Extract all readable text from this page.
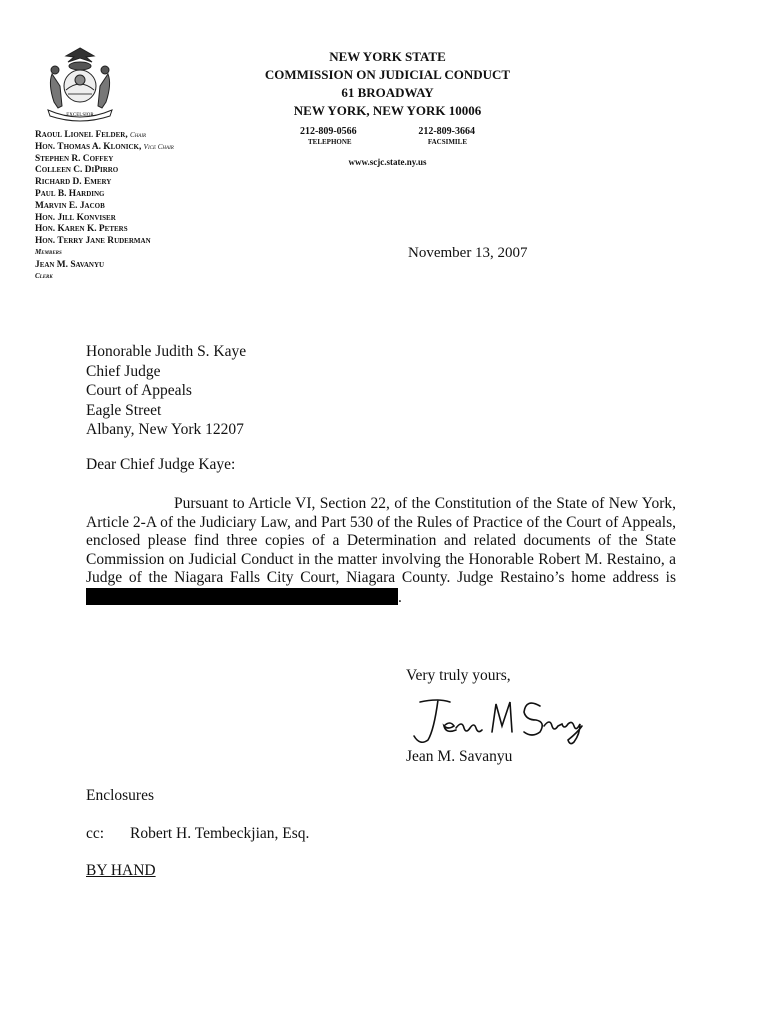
EXCELSIOR
NEW YORK STATE
COMMISSION ON JUDICIAL CONDUCT
61 BROADWAY
NEW YORK, NEW YORK 10006
212-809-0566	212-809-3664
TELEPHONE	FACSIMILE
www.scjc.state.ny.us
Raoul Lionel Felder, Chair
Hon. Thomas A. Klonick, Vice Chair
Stephen R. Coffey
Colleen C. DiPirro
Richard D. Emery
Paul B. Harding
Marvin E. Jacob
Hon. Jill Konviser
Hon. Karen K. Peters
Hon. Terry Jane Ruderman
Members
Jean M. Savanyu
Clerk
November 13, 2007
Honorable Judith S. Kaye
Chief Judge
Court of Appeals
Eagle Street
Albany, New York 12207
Dear Chief Judge Kaye:
Pursuant to Article VI, Section 22, of the Constitution of the State of New York, Article 2-A of the Judiciary Law, and Part 530 of the Rules of Practice of the Court of Appeals, enclosed please find three copies of a Determination and related documents of the State Commission on Judicial Conduct in the matter involving the Honorable Robert M. Restaino, a Judge of the Niagara Falls City Court, Niagara County. Judge Restaino’s home address is .
Very truly yours,
Jean M. Savanyu
Enclosures
cc: Robert H. Tembeckjian, Esq.
BY HAND
